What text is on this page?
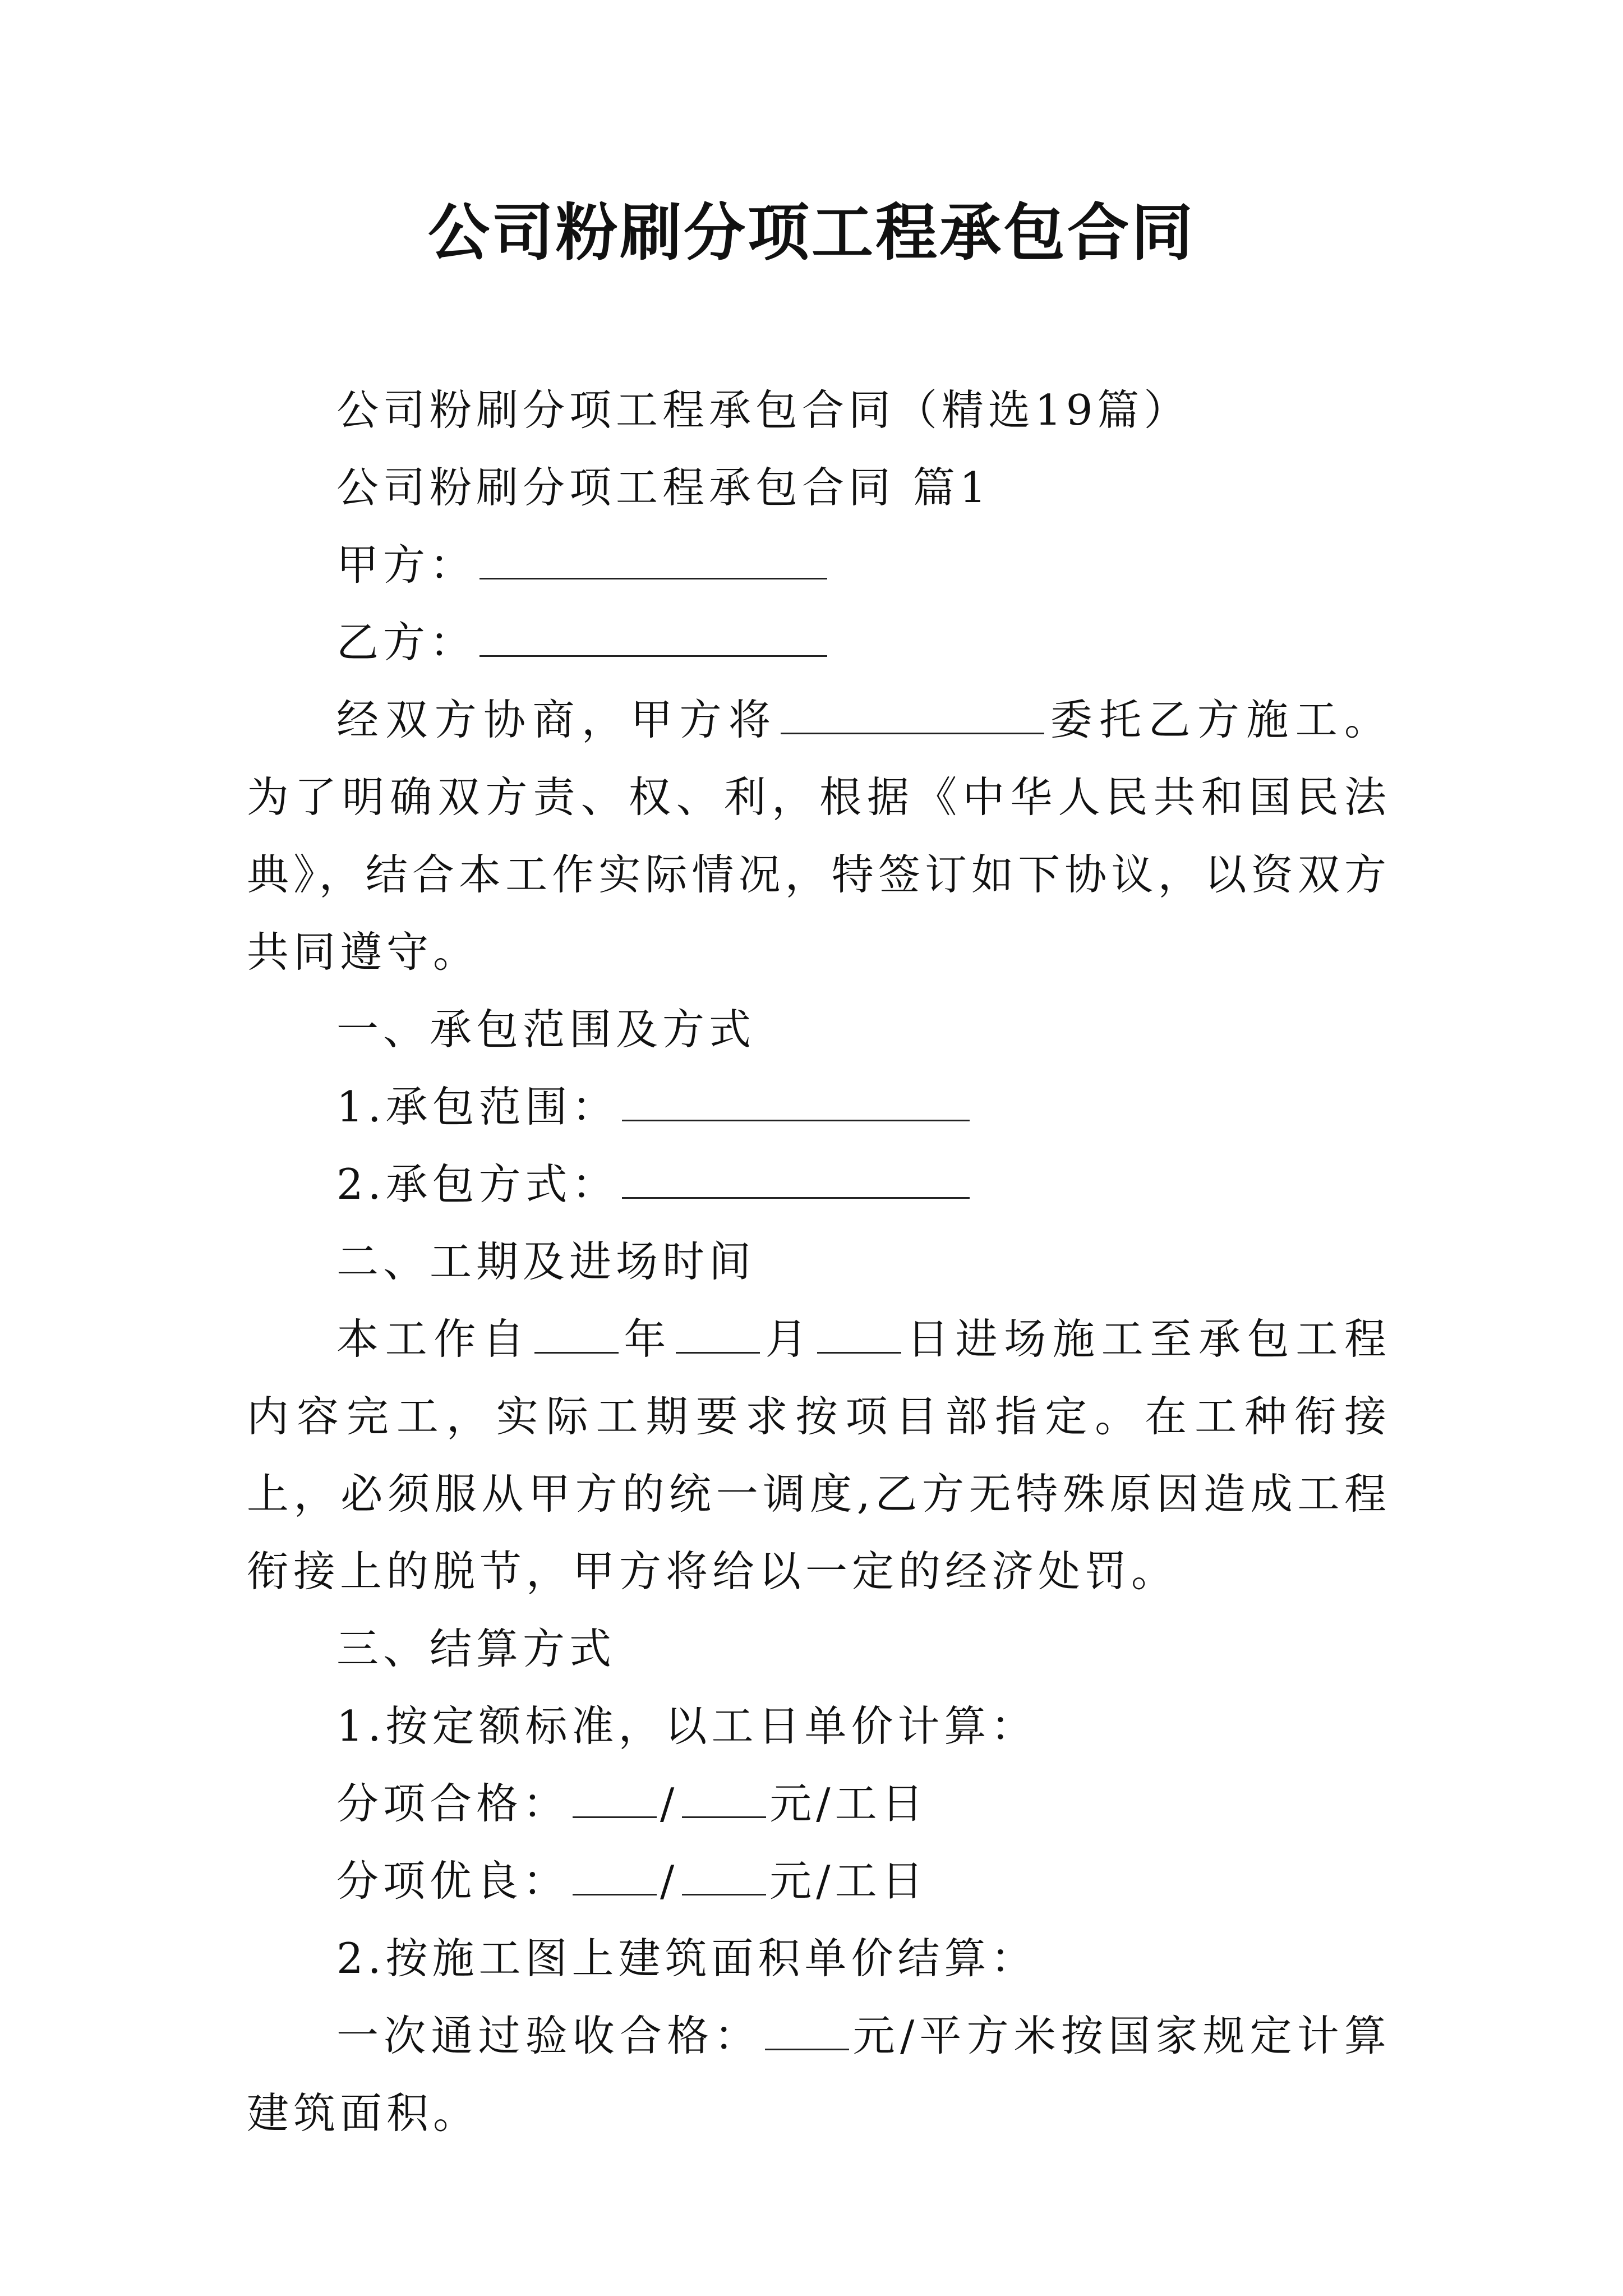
公司粉刷分项工程承包合同

公司粉刷分项工程承包合同（精选19篇）

公司粉刷分项工程承包合同 篇1

甲方：

乙方：

经双方协商，甲方将	委托乙方施工。为了明确双方责、权、利，根据《中华人民共和国民法典》，结合本工作实际情况，特签订如下协议，以资双方共同遵守。

一、承包范围及方式

1.承包范围：

2.承包方式：

二、工期及进场时间

本工作自 年 月 日进场施工至承包工程内容完工，实际工期要求按项目部指定。在工种衔接上，必须服从甲方的统一调度,乙方无特殊原因造成工程衔接上的脱节，甲方将给以一定的经济处罚。

三、结算方式

1.按定额标准，以工日单价计算：

分项合格： / 元/工日

分项优良： / 元/工日

2.按施工图上建筑面积单价结算：

一次通过验收合格： 元/平方米按国家规定计算建筑面积。
